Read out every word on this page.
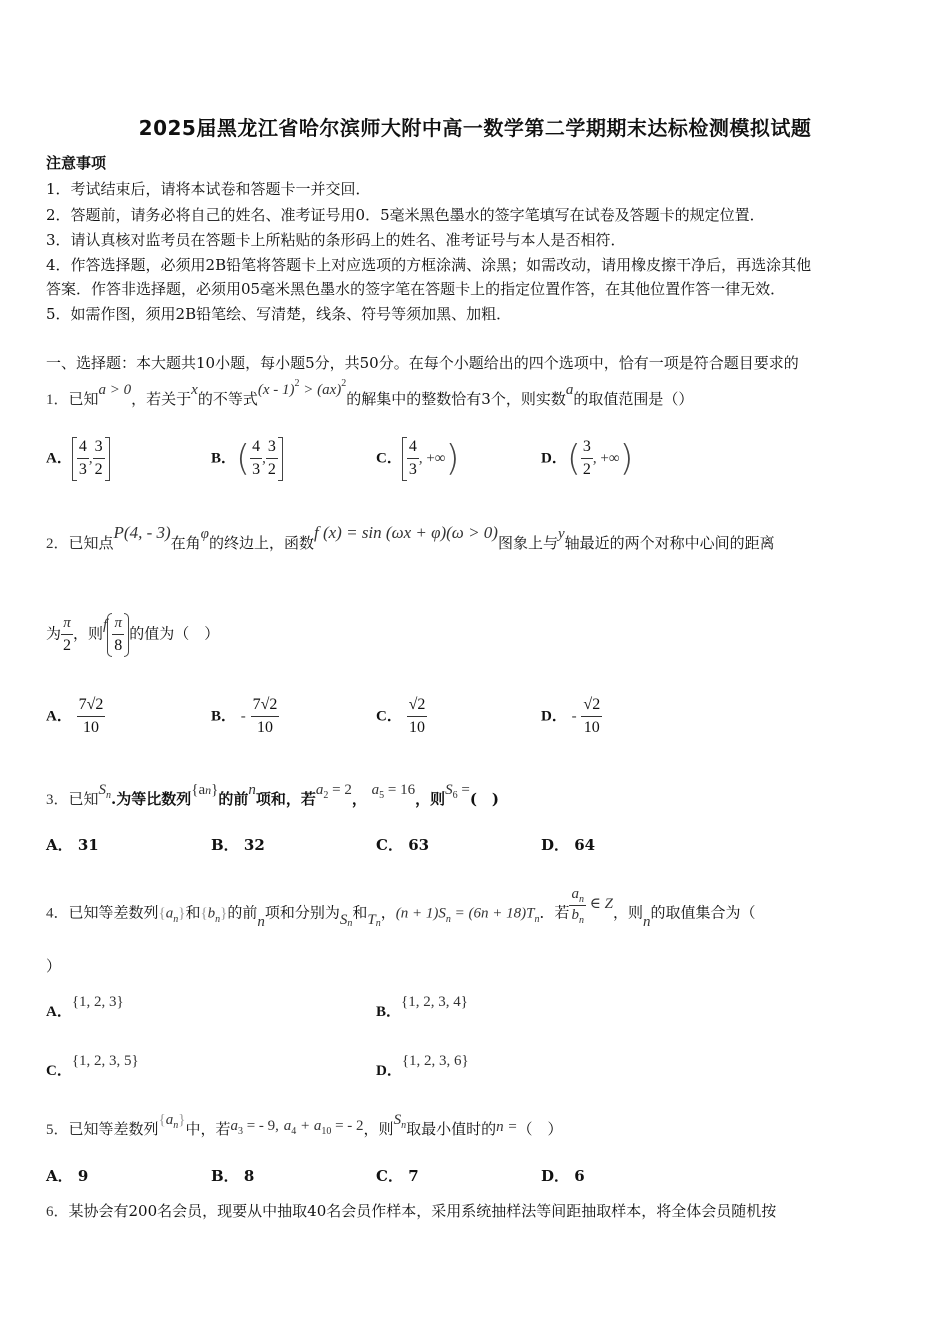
2025届黑龙江省哈尔滨师大附中高一数学第二学期期末达标检测模拟试题
注意事项
1．考试结束后，请将本试卷和答题卡一并交回．
2．答题前，请务必将自己的姓名、准考证号用0．5毫米黑色墨水的签字笔填写在试卷及答题卡的规定位置．
3．请认真核对监考员在答题卡上所粘贴的条形码上的姓名、准考证号与本人是否相符．
4．作答选择题，必须用2B铅笔将答题卡上对应选项的方框涂满、涂黑；如需改动，请用橡皮擦干净后，再选涂其他
答案．作答非选择题，必须用05毫米黑色墨水的签字笔在答题卡上的指定位置作答，在其他位置作答一律无效．
5．如需作图，须用2B铅笔绘、写清楚，线条、符号等须加黑、加粗．
一、选择题：本大题共10小题，每小题5分，共50分。在每个小题给出的四个选项中，恰有一项是符合题目要求的
1．已知a > 0，若关于x的不等式(x - 1)$^2$ > (ax)$^2$的解集中的整数恰有3个，则实数a的取值范围是（）
A． $\frac{4}{3}$ , $\frac{3}{2}$	B．( $\frac{4}{3}$ , $\frac{3}{2}$	C． $\frac{4}{3}$ , +∞)	D．( $\frac{3}{2}$ , +∞)
2．已知点P(4, - 3)在角φ的终边上，函数f (x) = sin (ωx + φ)(ω > 0)图象上与y轴最近的两个对称中心间的距离
为 $\frac{\pi}{2}$ ，则f $\frac{\pi}{8}$ 的值为（　）
A． $\frac{7√2}{10}$	B． - $\frac{7√2}{10}$	C． $\frac{√2}{10}$	D． - $\frac{√2}{10}$
3．已知$S_n$.为等比数列{an}的前n项和，若$a_2 = 2$， $a_5 = 16$，则$S_6$ =(　)
A． 31	B． 32	C． 63	D． 64
4．已知等差数列$\{a_n\}$和$\{b_n\}$的前n项和分别为$S_n$和$T_n$，$(n + 1)S_n = (6n + 18)T_n$．若 $\frac{a_n}{b_n}$ ∈ Z，则n的取值集合为（
）
A．{1, 2, 3}
B．{1, 2, 3, 4}
C．{1, 2, 3, 5}
D．{1, 2, 3, 6}
5．已知等差数列$\{a_n\}$中，若$a_3$ = - 9, $a_4 + a_{10}$ = - 2，则$S_n$取最小值时的n =（　）
A． 9	B． 8	C． 7	D． 6
6．某协会有200名会员，现要从中抽取40名会员作样本，采用系统抽样法等间距抽取样本，将全体会员随机按
